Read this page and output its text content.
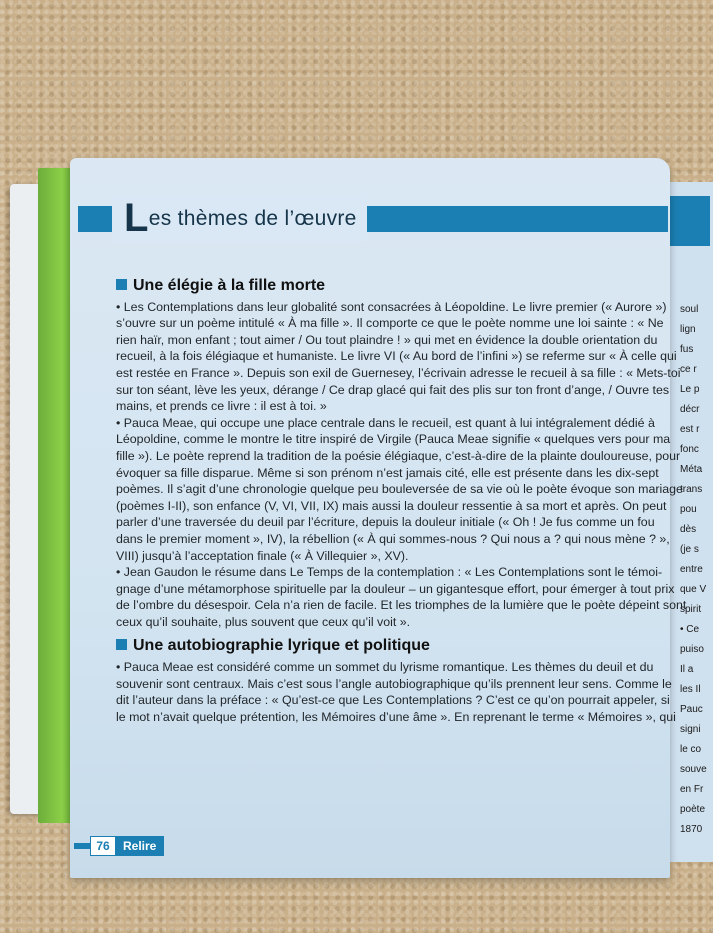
soul
lign
fus
ce r
Le p
décr
est r
fonc
Méta
trans
pou
dès
(je s
entre
que V
spirit
• Ce
puiso
Il a
les Il
Pauc
signi
le co
souve
en Fr
poète
1870
Les thèmes de l’œuvre
Une élégie à la fille morte
• Les Contemplations dans leur globalité sont consacrées à Léopoldine. Le livre premier (« Aurore »)
s’ouvre sur un poème intitulé « À ma fille ». Il comporte ce que le poète nomme une loi sainte : « Ne
rien haïr, mon enfant ; tout aimer / Ou tout plaindre ! » qui met en évidence la double orientation du
recueil, à la fois élégiaque et humaniste. Le livre VI (« Au bord de l’infini ») se referme sur « À celle qui
est restée en France ». Depuis son exil de Guernesey, l’écrivain adresse le recueil à sa fille : « Mets-toi
sur ton séant, lève les yeux, dérange / Ce drap glacé qui fait des plis sur ton front d’ange, / Ouvre tes
mains, et prends ce livre : il est à toi. »
• Pauca Meae, qui occupe une place centrale dans le recueil, est quant à lui intégralement dédié à
Léopoldine, comme le montre le titre inspiré de Virgile (Pauca Meae signifie « quelques vers pour ma
fille »). Le poète reprend la tradition de la poésie élégiaque, c’est-à-dire de la plainte douloureuse, pour
évoquer sa fille disparue. Même si son prénom n’est jamais cité, elle est présente dans les dix-sept
poèmes. Il s’agit d’une chronologie quelque peu bouleversée de sa vie où le poète évoque son mariage
(poèmes I-II), son enfance (V, VI, VII, IX) mais aussi la douleur ressentie à sa mort et après. On peut
parler d’une traversée du deuil par l’écriture, depuis la douleur initiale (« Oh ! Je fus comme un fou
dans le premier moment », IV), la rébellion (« À qui sommes-nous ? Qui nous a ? qui nous mène ? »,
VIII) jusqu’à l’acceptation finale (« À Villequier », XV).
• Jean Gaudon le résume dans Le Temps de la contemplation : « Les Contemplations sont le témoi-
gnage d’une métamorphose spirituelle par la douleur – un gigantesque effort, pour émerger à tout prix
de l’ombre du désespoir. Cela n’a rien de facile. Et les triomphes de la lumière que le poète dépeint sont
ceux qu’il souhaite, plus souvent que ceux qu’il voit ».
Une autobiographie lyrique et politique
• Pauca Meae est considéré comme un sommet du lyrisme romantique. Les thèmes du deuil et du
souvenir sont centraux. Mais c’est sous l’angle autobiographique qu’ils prennent leur sens. Comme le
dit l’auteur dans la préface : « Qu’est-ce que Les Contemplations ? C’est ce qu’on pourrait appeler, si
le mot n’avait quelque prétention, les Mémoires d’une âme ». En reprenant le terme « Mémoires », qui
76	Relire
